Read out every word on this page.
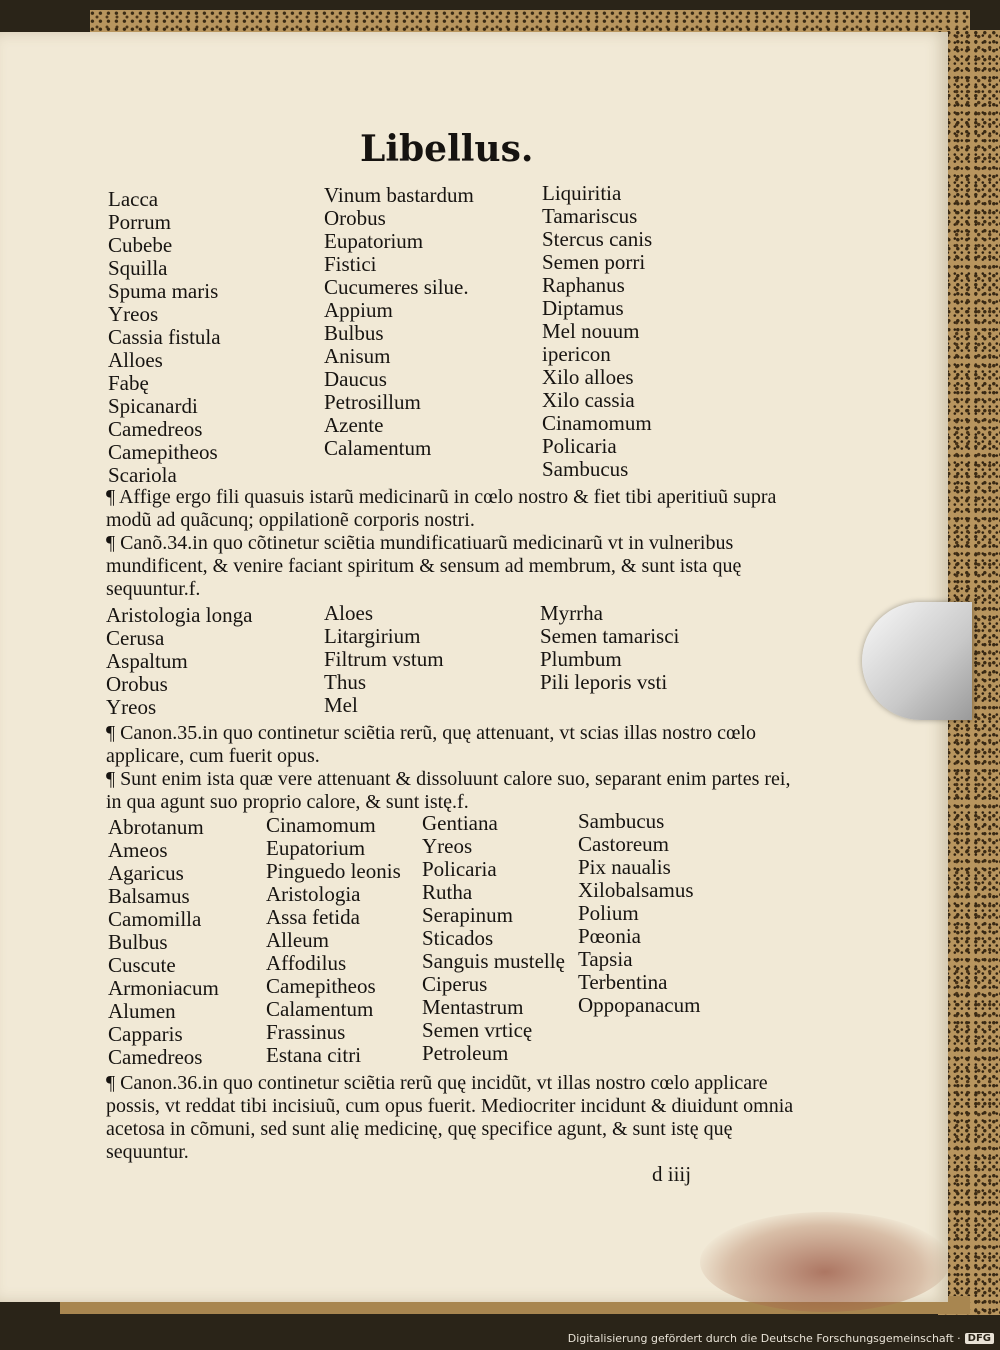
Libellus.
Lacca
Porrum
Cubebe
Squilla
Spuma maris
Yreos
Cassia fistula
Alloes
Fabę
Spicanardi
Camedreos
Camepitheos
Scariola
Vinum bastardum
Orobus
Eupatorium
Fistici
Cucumeres silue.
Appium
Bulbus
Anisum
Daucus
Petrosillum
Azente
Calamentum
Liquiritia
Tamariscus
Stercus canis
Semen porri
Raphanus
Diptamus
Mel nouum
ipericon
Xilo alloes
Xilo cassia
Cinamomum
Policaria
Sambucus

¶ Affige ergo fili quasuis istarũ medicinarũ in cœlo nostro & fiet tibi aperitiuũ supra modũ ad quãcunq; oppilationẽ corporis nostri.

¶ Canõ.34.in quo cõtinetur sciẽtia mundificatiuarũ medicinarũ vt in vulneribus mundificent, & venire faciant spiritum & sensum ad membrum, & sunt ista quę sequuntur.f.

Aristologia longa
Cerusa
Aspaltum
Orobus
Yreos
Aloes
Litargirium
Filtrum vstum
Thus
Mel
Myrrha
Semen tamarisci
Plumbum
Pili leporis vsti

¶ Canon.35.in quo continetur sciẽtia rerũ, quę attenuant, vt scias illas nostro cœlo applicare, cum fuerit opus.

¶ Sunt enim ista quæ vere attenuant & dissoluunt calore suo, separant enim partes rei, in qua agunt suo proprio calore, & sunt istę.f.

Abrotanum
Ameos
Agaricus
Balsamus
Camomilla
Bulbus
Cuscute
Armoniacum
Alumen
Capparis
Camedreos
Cinamomum
Eupatorium
Pinguedo leonis
Aristologia
Assa fetida
Alleum
Affodilus
Camepitheos
Calamentum
Frassinus
Estana citri
Gentiana
Yreos
Policaria
Rutha
Serapinum
Sticados
Sanguis mustellę
Ciperus
Mentastrum
Semen vrticę
Petroleum
Sambucus
Castoreum
Pix naualis
Xilobalsamus
Polium
Pœonia
Tapsia
Terbentina
Oppopanacum

¶ Canon.36.in quo continetur sciẽtia rerũ quę incidũt, vt illas nostro cœlo applicare possis, vt reddat tibi incisiuũ, cum opus fuerit. Mediocriter incidunt & diuidunt omnia acetosa in cõmuni, sed sunt alię medicinę, quę specifice agunt, & sunt istę quę sequuntur.

d iiij
Digitalisierung gefördert durch die Deutsche Forschungsgemeinschaft · DFG
